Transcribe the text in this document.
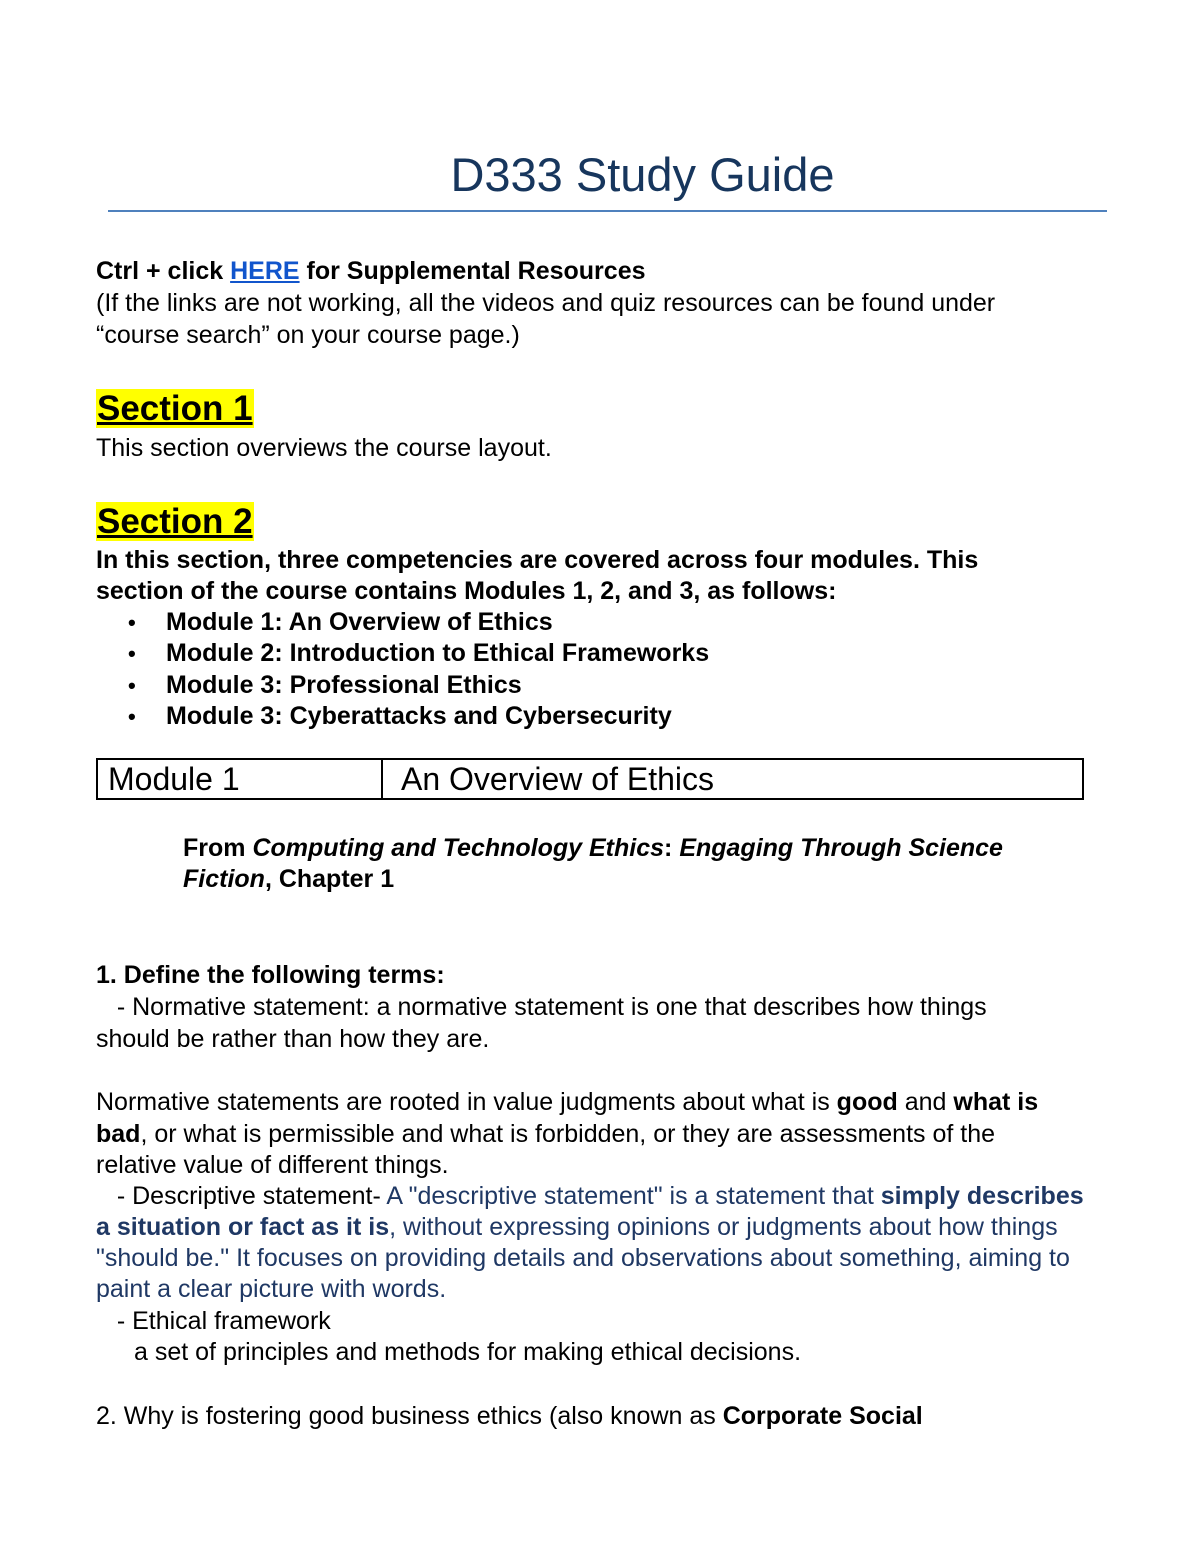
D333 Study Guide
Ctrl + click HERE for Supplemental Resources
(If the links are not working, all the videos and quiz resources can be found under
“course search” on your course page.)
Section 1
This section overviews the course layout.
Section 2
In this section, three competencies are covered across four modules. This
section of the course contains Modules 1, 2, and 3, as follows:
• Module 1: An Overview of Ethics
• Module 2: Introduction to Ethical Frameworks
• Module 3: Professional Ethics
• Module 3: Cyberattacks and Cybersecurity
Module 1	An Overview of Ethics
From Computing and Technology Ethics: Engaging Through Science
Fiction, Chapter 1
1. Define the following terms:
- Normative statement: a normative statement is one that describes how things
should be rather than how they are.
Normative statements are rooted in value judgments about what is good and what is
bad, or what is permissible and what is forbidden, or they are assessments of the
relative value of different things.
- Descriptive statement- A "descriptive statement" is a statement that simply describes
a situation or fact as it is, without expressing opinions or judgments about how things
"should be." It focuses on providing details and observations about something, aiming to
paint a clear picture with words.
- Ethical framework
a set of principles and methods for making ethical decisions.
2. Why is fostering good business ethics (also known as Corporate Social
